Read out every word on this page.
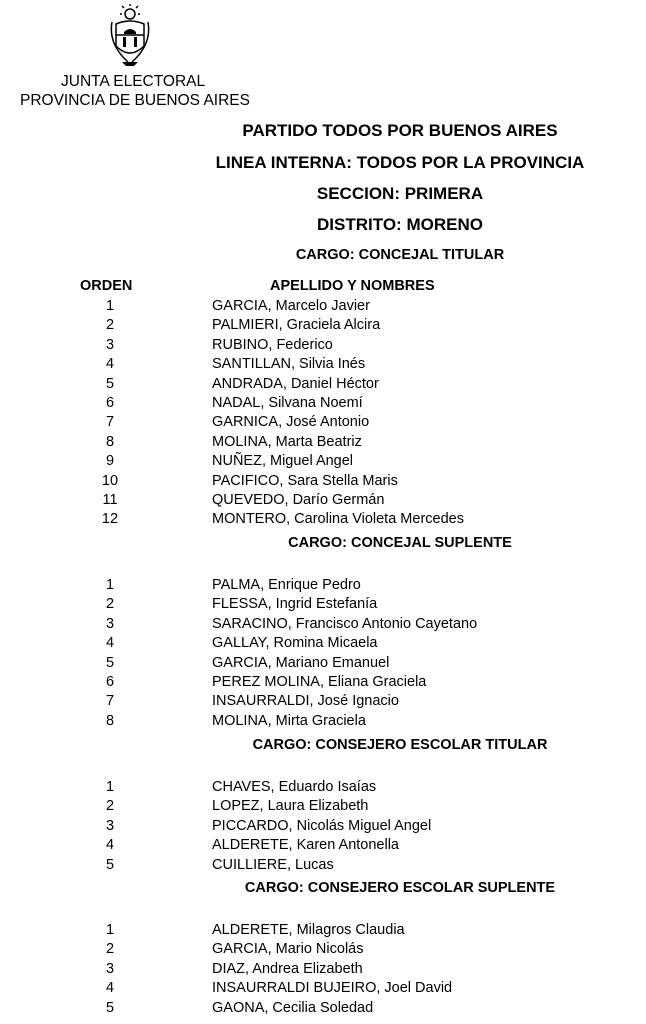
JUNTA ELECTORAL
PROVINCIA DE BUENOS AIRES
PARTIDO TODOS POR BUENOS AIRES
LINEA INTERNA: TODOS POR LA PROVINCIA
SECCION: PRIMERA
DISTRITO: MORENO
ORDEN	APELLIDO Y NOMBRES
CARGO: CONCEJAL TITULAR
1	GARCIA, Marcelo Javier
2	PALMIERI, Graciela Alcira
3	RUBINO, Federico
4	SANTILLAN, Silvia Inés
5	ANDRADA, Daniel Héctor
6	NADAL, Silvana Noemí
7	GARNICA, José Antonio
8	MOLINA, Marta Beatriz
9	NUÑEZ, Miguel Angel
10	PACIFICO, Sara Stella Maris
11	QUEVEDO, Darío Germán
12	MONTERO, Carolina Violeta Mercedes
CARGO: CONCEJAL SUPLENTE
1	PALMA, Enrique Pedro
2	FLESSA, Ingrid Estefanía
3	SARACINO, Francisco Antonio Cayetano
4	GALLAY, Romina Micaela
5	GARCIA, Mariano Emanuel
6	PEREZ MOLINA, Eliana Graciela
7	INSAURRALDI, José Ignacio
8	MOLINA, Mirta Graciela
CARGO: CONSEJERO ESCOLAR TITULAR
1	CHAVES, Eduardo Isaías
2	LOPEZ, Laura Elizabeth
3	PICCARDO, Nicolás Miguel Angel
4	ALDERETE, Karen Antonella
5	CUILLIERE, Lucas
CARGO: CONSEJERO ESCOLAR SUPLENTE
1	ALDERETE, Milagros Claudia
2	GARCIA, Mario Nicolás
3	DIAZ, Andrea Elizabeth
4	INSAURRALDI BUJEIRO, Joel David
5	GAONA, Cecilia Soledad
